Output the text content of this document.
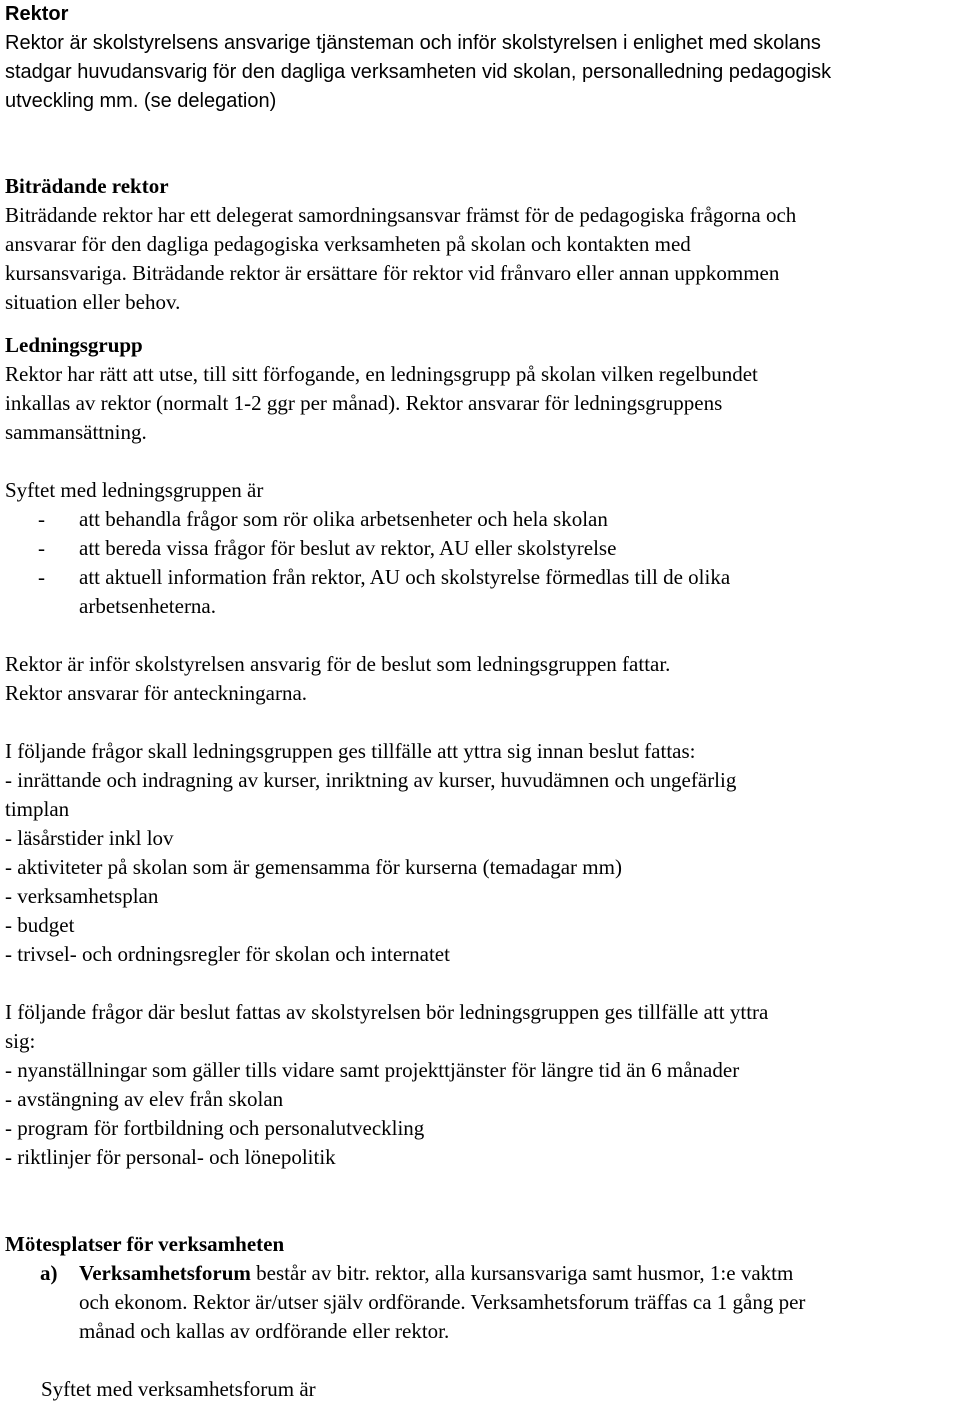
Rektor
Rektor är skolstyrelsens ansvarige tjänsteman och inför skolstyrelsen i enlighet med skolans
stadgar huvudansvarig för den dagliga verksamheten vid skolan, personalledning pedagogisk
utveckling mm. (se delegation)
Biträdande rektor
Biträdande rektor har ett delegerat samordningsansvar främst för de pedagogiska frågorna och
ansvarar för den dagliga pedagogiska verksamheten på skolan och kontakten med
kursansvariga. Biträdande rektor är ersättare för rektor vid frånvaro eller annan uppkommen
situation eller behov.
Ledningsgrupp
Rektor har rätt att utse, till sitt förfogande, en ledningsgrupp på skolan vilken regelbundet
inkallas av rektor (normalt 1-2 ggr per månad). Rektor ansvarar för ledningsgruppens
sammansättning.
Syftet med ledningsgruppen är
- att behandla frågor som rör olika arbetsenheter och hela skolan
- att bereda vissa frågor för beslut av rektor, AU eller skolstyrelse
- att aktuell information från rektor, AU och skolstyrelse förmedlas till de olika
arbetsenheterna.
Rektor är inför skolstyrelsen ansvarig för de beslut som ledningsgruppen fattar.
Rektor ansvarar för anteckningarna.
I följande frågor skall ledningsgruppen ges tillfälle att yttra sig innan beslut fattas:
- inrättande och indragning av kurser, inriktning av kurser, huvudämnen och ungefärlig
timplan
- läsårstider inkl lov
- aktiviteter på skolan som är gemensamma för kurserna (temadagar mm)
- verksamhetsplan
- budget
- trivsel- och ordningsregler för skolan och internatet
I följande frågor där beslut fattas av skolstyrelsen bör ledningsgruppen ges tillfälle att yttra
sig:
- nyanställningar som gäller tills vidare samt projekttjänster för längre tid än 6 månader
- avstängning av elev från skolan
- program för fortbildning och personalutveckling
- riktlinjer för personal- och lönepolitik
Mötesplatser för verksamheten
a) Verksamhetsforum består av bitr. rektor, alla kursansvariga samt husmor, 1:e vaktm
och ekonom. Rektor är/utser själv ordförande. Verksamhetsforum träffas ca 1 gång per
månad och kallas av ordförande eller rektor.
Syftet med verksamhetsforum är
